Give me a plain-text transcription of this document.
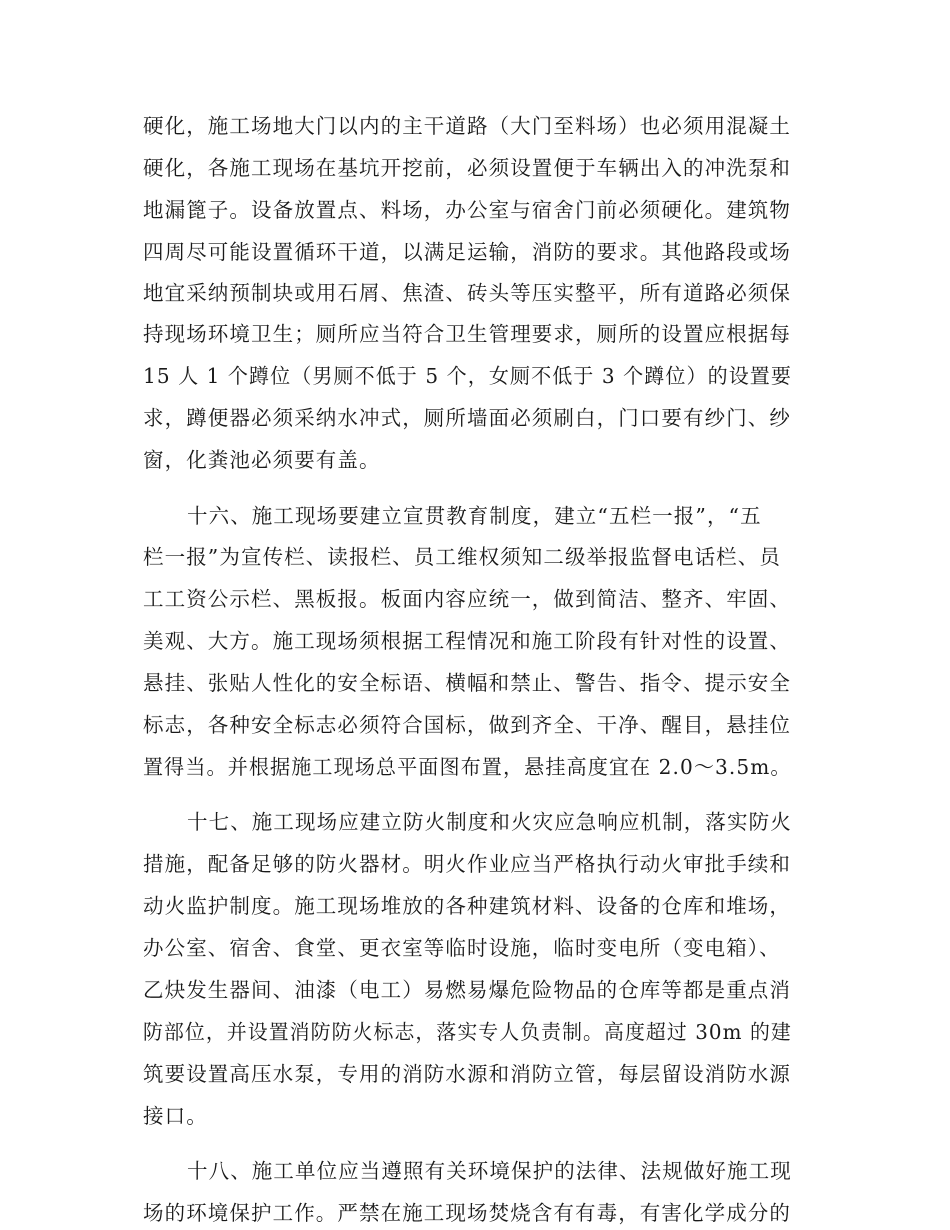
硬化，施工场地大门以内的主干道路（大门至料场）也必须用混凝土
硬化，各施工现场在基坑开挖前，必须设置便于车辆出入的冲洗泵和
地漏篦子。设备放置点、料场，办公室与宿舍门前必须硬化。建筑物
四周尽可能设置循环干道，以满足运输，消防的要求。其他路段或场
地宜采纳预制块或用石屑、焦渣、砖头等压实整平，所有道路必须保
持现场环境卫生；厕所应当符合卫生管理要求，厕所的设置应根据每
15 人 1 个蹲位（男厕不低于 5 个，女厕不低于 3 个蹲位）的设置要
求，蹲便器必须采纳水冲式，厕所墙面必须刷白，门口要有纱门、纱
窗，化粪池必须要有盖。
十六、施工现场要建立宣贯教育制度，建立“五栏一报”，“五
栏一报”为宣传栏、读报栏、员工维权须知二级举报监督电话栏、员
工工资公示栏、黑板报。板面内容应统一，做到简洁、整齐、牢固、
美观、大方。施工现场须根据工程情况和施工阶段有针对性的设置、
悬挂、张贴人性化的安全标语、横幅和禁止、警告、指令、提示安全
标志，各种安全标志必须符合国标，做到齐全、干净、醒目，悬挂位
置得当。并根据施工现场总平面图布置，悬挂高度宜在 2.0～3.5m。
十七、施工现场应建立防火制度和火灾应急响应机制，落实防火
措施，配备足够的防火器材。明火作业应当严格执行动火审批手续和
动火监护制度。施工现场堆放的各种建筑材料、设备的仓库和堆场，
办公室、宿舍、食堂、更衣室等临时设施，临时变电所（变电箱）、
乙炔发生器间、油漆（电工）易燃易爆危险物品的仓库等都是重点消
防部位，并设置消防防火标志，落实专人负责制。高度超过 30m 的建
筑要设置高压水泵，专用的消防水源和消防立管，每层留设消防水源
接口。
十八、施工单位应当遵照有关环境保护的法律、法规做好施工现
场的环境保护工作。严禁在施工现场焚烧含有有毒，有害化学成分的
